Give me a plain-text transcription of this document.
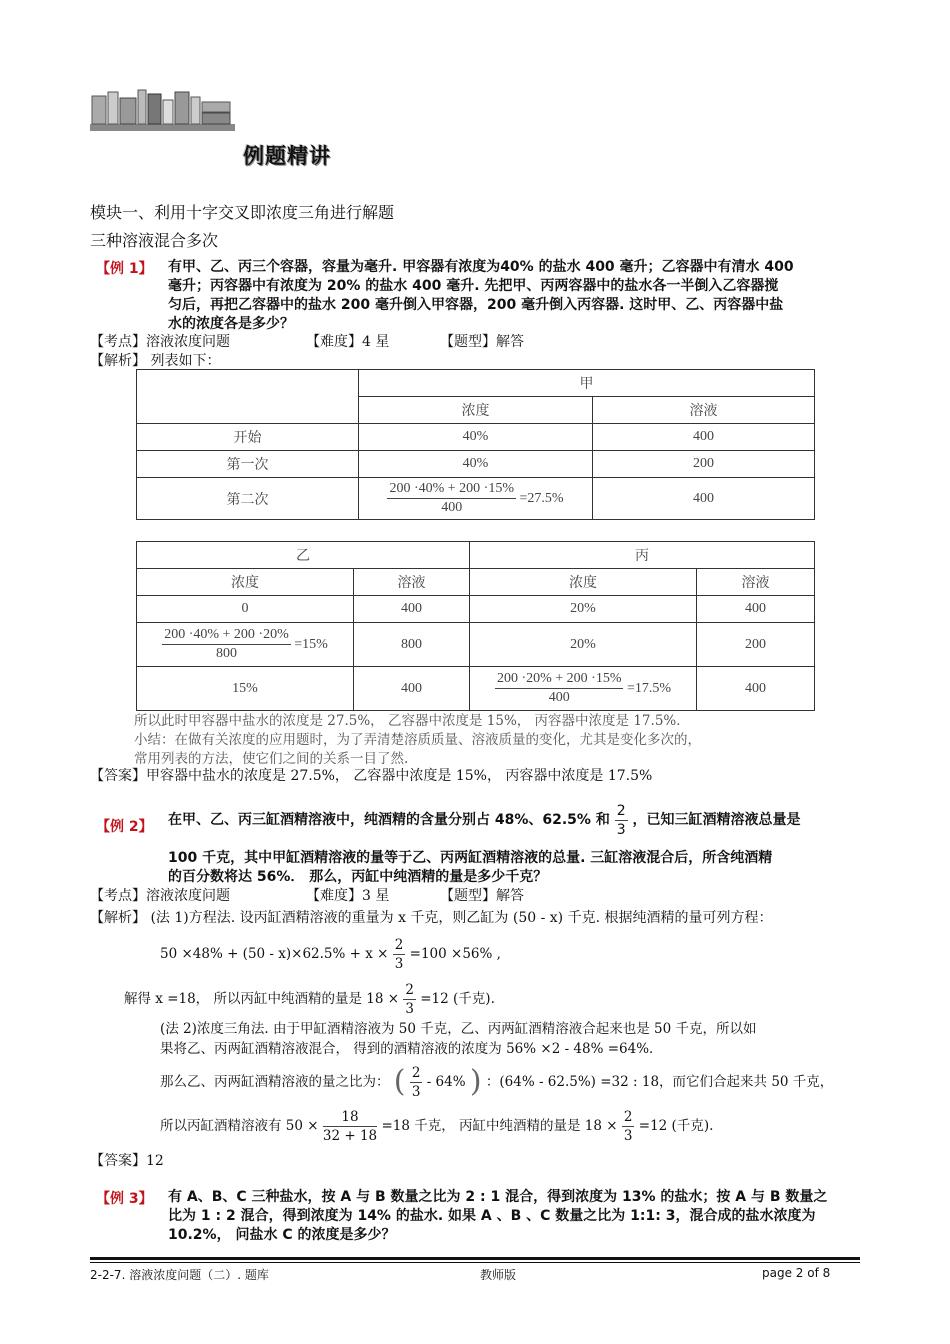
例题精讲
模块一、利用十字交叉即浓度三角进行解题
三种溶液混合多次
【例 1】 有甲、乙、丙三个容器，容量为毫升. 甲容器有浓度为40% 的盐水 400 毫升；乙容器中有清水 400
毫升；丙容器中有浓度为 20% 的盐水 400 毫升. 先把甲、丙两容器中的盐水各一半倒入乙容器搅
匀后，再把乙容器中的盐水 200 毫升倒入甲容器，200 毫升倒入丙容器. 这时甲、乙、丙容器中盐
水的浓度各是多少？
【考点】溶液浓度问题	【难度】4 星	【题型】解答
【解析】 列表如下：
	甲	
	浓度	溶液
开始	40%	400
第一次	40%	200
第二次	$\frac{200 \cdot 40\% + 200 \cdot 15\%}{400} =27.5\%$	400
乙		丙	
浓度	溶液	浓度	溶液
0	400	20%	400

$\frac{200 \cdot 40\% + 200 \cdot 20\%}{800} =15\%$	800	20%	200
15%	400	$\frac{200 \cdot 20\% + 200 \cdot 15\%}{400} =17.5\%$	400
所以此时甲容器中盐水的浓度是 27.5%， 乙容器中浓度是 15%， 丙容器中浓度是 17.5%．
小结：在做有关浓度的应用题时，为了弄清楚溶质质量、溶液质量的变化，尤其是变化多次的，
常用列表的方法，使它们之间的关系一目了然.
【答案】甲容器中盐水的浓度是 27.5%， 乙容器中浓度是 15%， 丙容器中浓度是 17.5%
【例 2】 在甲、乙、丙三缸酒精溶液中，纯酒精的含量分别占 48%、62.5% 和 $\frac{2}{3}$ ，已知三缸酒精溶液总量是
100 千克，其中甲缸酒精溶液的量等于乙、丙两缸酒精溶液的总量. 三缸溶液混合后，所含纯酒精
的百分数将达 56%． 那么，丙缸中纯酒精的量是多少千克？
【考点】溶液浓度问题	【难度】3 星	【题型】解答
【解析】 (法 1)方程法. 设丙缸酒精溶液的重量为 x 千克，则乙缸为 (50 - x) 千克. 根据纯酒精的量可列方程：
$50 \times 48\% + (50 - x)\times 62.5\% + x \times \frac{2}{3} =100 \times 56\%$ ,
解得 x =18， 所以丙缸中纯酒精的量是 $18 \times \frac{2}{3} =12$ (千克).
(法 2)浓度三角法. 由于甲缸酒精溶液为 50 千克，乙、丙两缸酒精溶液合起来也是 50 千克，所以如
果将乙、丙两缸酒精溶液混合， 得到的酒精溶液的浓度为 56% ×2 - 48% =64%．
那么乙、丙两缸酒精溶液的量之比为： ( $\frac{2}{3} - 64\%$ ) ：(64% - 62.5%) =32 : 18，而它们合起来共 50 千克，
所以丙缸酒精溶液有 $50 \times \frac{18}{32 + 18} =18$ 千克， 丙缸中纯酒精的量是 $18 \times \frac{2}{3} =12$ (千克).
【答案】12
【例 3】 有 A、B、C 三种盐水，按 A 与 B 数量之比为 2 : 1 混合，得到浓度为 13% 的盐水；按 A 与 B 数量之
比为 1 : 2 混合，得到浓度为 14% 的盐水. 如果 A 、B 、C 数量之比为 1:1: 3，混合成的盐水浓度为
10.2%， 问盐水 C 的浓度是多少？
2-2-7. 溶液浓度问题（二）. 题库	教师版	page 2 of 8
